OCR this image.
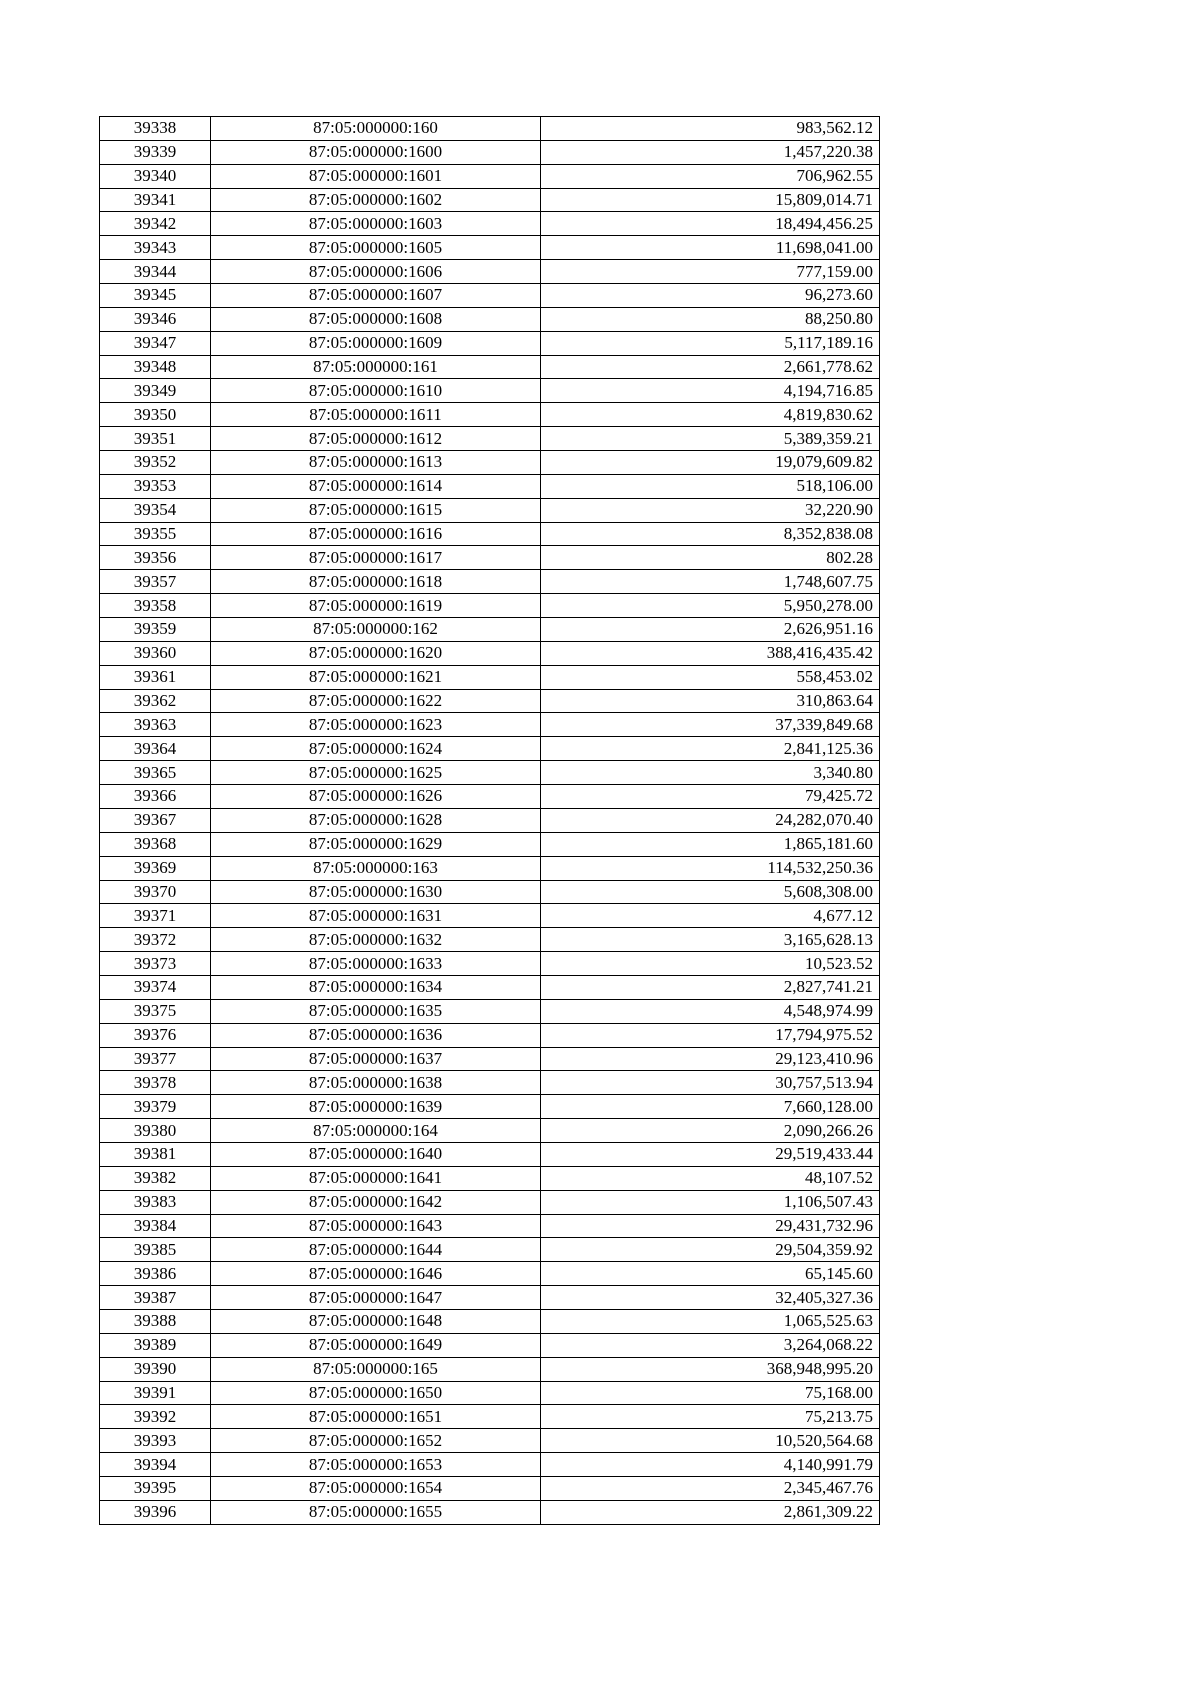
39338	87:05:000000:160	983,562.12
39339	87:05:000000:1600	1,457,220.38
39340	87:05:000000:1601	706,962.55
39341	87:05:000000:1602	15,809,014.71
39342	87:05:000000:1603	18,494,456.25
39343	87:05:000000:1605	11,698,041.00
39344	87:05:000000:1606	777,159.00
39345	87:05:000000:1607	96,273.60
39346	87:05:000000:1608	88,250.80
39347	87:05:000000:1609	5,117,189.16
39348	87:05:000000:161	2,661,778.62
39349	87:05:000000:1610	4,194,716.85
39350	87:05:000000:1611	4,819,830.62
39351	87:05:000000:1612	5,389,359.21
39352	87:05:000000:1613	19,079,609.82
39353	87:05:000000:1614	518,106.00
39354	87:05:000000:1615	32,220.90
39355	87:05:000000:1616	8,352,838.08
39356	87:05:000000:1617	802.28
39357	87:05:000000:1618	1,748,607.75
39358	87:05:000000:1619	5,950,278.00
39359	87:05:000000:162	2,626,951.16
39360	87:05:000000:1620	388,416,435.42
39361	87:05:000000:1621	558,453.02
39362	87:05:000000:1622	310,863.64
39363	87:05:000000:1623	37,339,849.68
39364	87:05:000000:1624	2,841,125.36
39365	87:05:000000:1625	3,340.80
39366	87:05:000000:1626	79,425.72
39367	87:05:000000:1628	24,282,070.40
39368	87:05:000000:1629	1,865,181.60
39369	87:05:000000:163	114,532,250.36
39370	87:05:000000:1630	5,608,308.00
39371	87:05:000000:1631	4,677.12
39372	87:05:000000:1632	3,165,628.13
39373	87:05:000000:1633	10,523.52
39374	87:05:000000:1634	2,827,741.21
39375	87:05:000000:1635	4,548,974.99
39376	87:05:000000:1636	17,794,975.52
39377	87:05:000000:1637	29,123,410.96
39378	87:05:000000:1638	30,757,513.94
39379	87:05:000000:1639	7,660,128.00
39380	87:05:000000:164	2,090,266.26
39381	87:05:000000:1640	29,519,433.44
39382	87:05:000000:1641	48,107.52
39383	87:05:000000:1642	1,106,507.43
39384	87:05:000000:1643	29,431,732.96
39385	87:05:000000:1644	29,504,359.92
39386	87:05:000000:1646	65,145.60
39387	87:05:000000:1647	32,405,327.36
39388	87:05:000000:1648	1,065,525.63
39389	87:05:000000:1649	3,264,068.22
39390	87:05:000000:165	368,948,995.20
39391	87:05:000000:1650	75,168.00
39392	87:05:000000:1651	75,213.75
39393	87:05:000000:1652	10,520,564.68
39394	87:05:000000:1653	4,140,991.79
39395	87:05:000000:1654	2,345,467.76
39396	87:05:000000:1655	2,861,309.22
